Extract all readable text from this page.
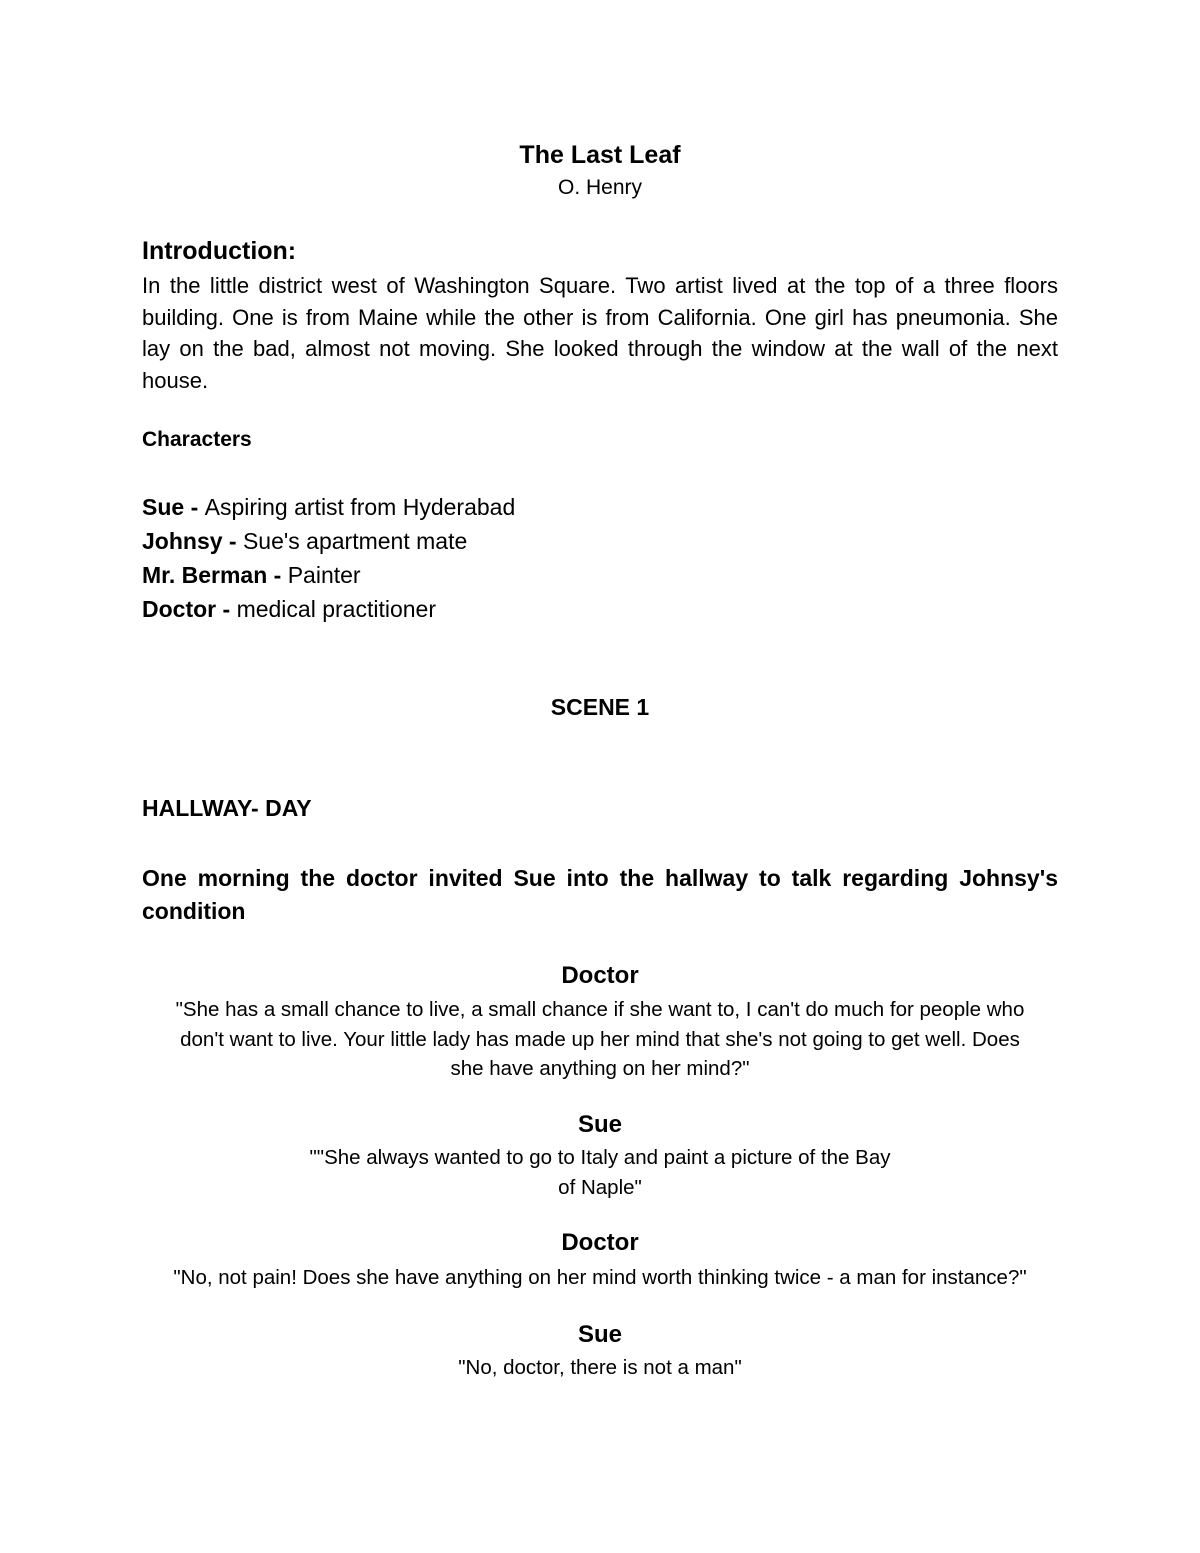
The Last Leaf

O. Henry

Introduction:

In the little district west of Washington Square. Two artist lived at the top of a three floors building. One is from Maine while the other is from California. One girl has pneumonia. She lay on the bad, almost not moving. She looked through the window at the wall of the next house.

Characters
Sue - Aspiring artist from Hyderabad
Johnsy - Sue's apartment mate
Mr. Berman - Painter
Doctor - medical practitioner
SCENE 1
HALLWAY- DAY

One morning the doctor invited Sue into the hallway to talk regarding Johnsy's condition

Doctor
"She has a small chance to live, a small chance if she want to, I can't do much for people who
don't want to live. Your little lady has made up her mind that she's not going to get well. Does
she have anything on her mind?"
Sue
""She always wanted to go to Italy and paint a picture of the Bay
of Naple"
Doctor
"No, not pain! Does she have anything on her mind worth thinking twice - a man for instance?"
Sue
"No, doctor, there is not a man"
